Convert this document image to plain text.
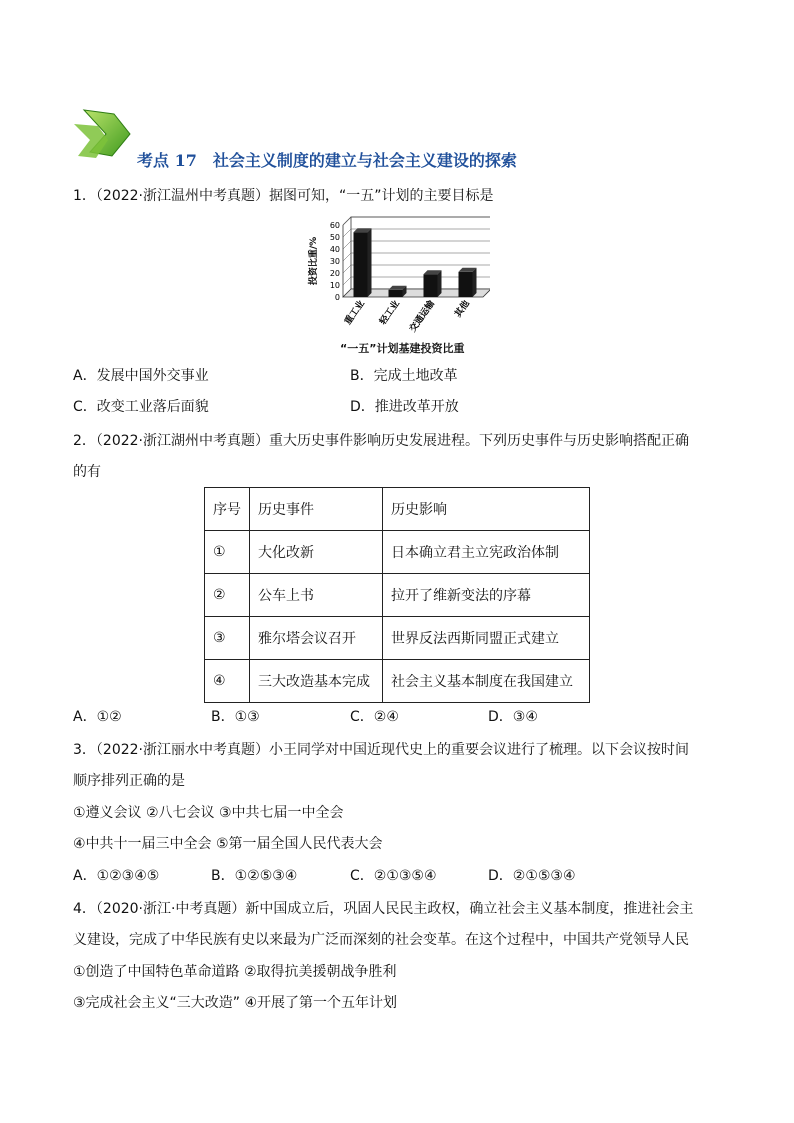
考点 17　社会主义制度的建立与社会主义建设的探索
1．（2022·浙江温州中考真题）据图可知，“一五”计划的主要目标是
0
10
20
30
40
50
60
投资比重/%
重工业 轻工业 交通运输 其他
“一五”计划基建投资比重
A．发展中国外交事业	B．完成土地改革
C．改变工业落后面貌	D．推进改革开放
2．（2022·浙江湖州中考真题）重大历史事件影响历史发展进程。下列历史事件与历史影响搭配正确
的有
序号	历史事件	历史影响
①	大化改新	日本确立君主立宪政治体制
②	公车上书	拉开了维新变法的序幕
③	雅尔塔会议召开	世界反法西斯同盟正式建立
④	三大改造基本完成	社会主义基本制度在我国建立
A．①②	B．①③	C．②④	D．③④
3．（2022·浙江丽水中考真题）小王同学对中国近现代史上的重要会议进行了梳理。以下会议按时间
顺序排列正确的是
①遵义会议 ②八七会议 ③中共七届一中全会
④中共十一届三中全会 ⑤第一届全国人民代表大会
A．①②③④⑤	B．①②⑤③④	C．②①③⑤④	D．②①⑤③④
4．（2020·浙江·中考真题）新中国成立后，巩固人民民主政权，确立社会主义基本制度，推进社会主
义建设，完成了中华民族有史以来最为广泛而深刻的社会变革。在这个过程中，中国共产党领导人民
①创造了中国特色革命道路 ②取得抗美援朝战争胜利
③完成社会主义“三大改造” ④开展了第一个五年计划
